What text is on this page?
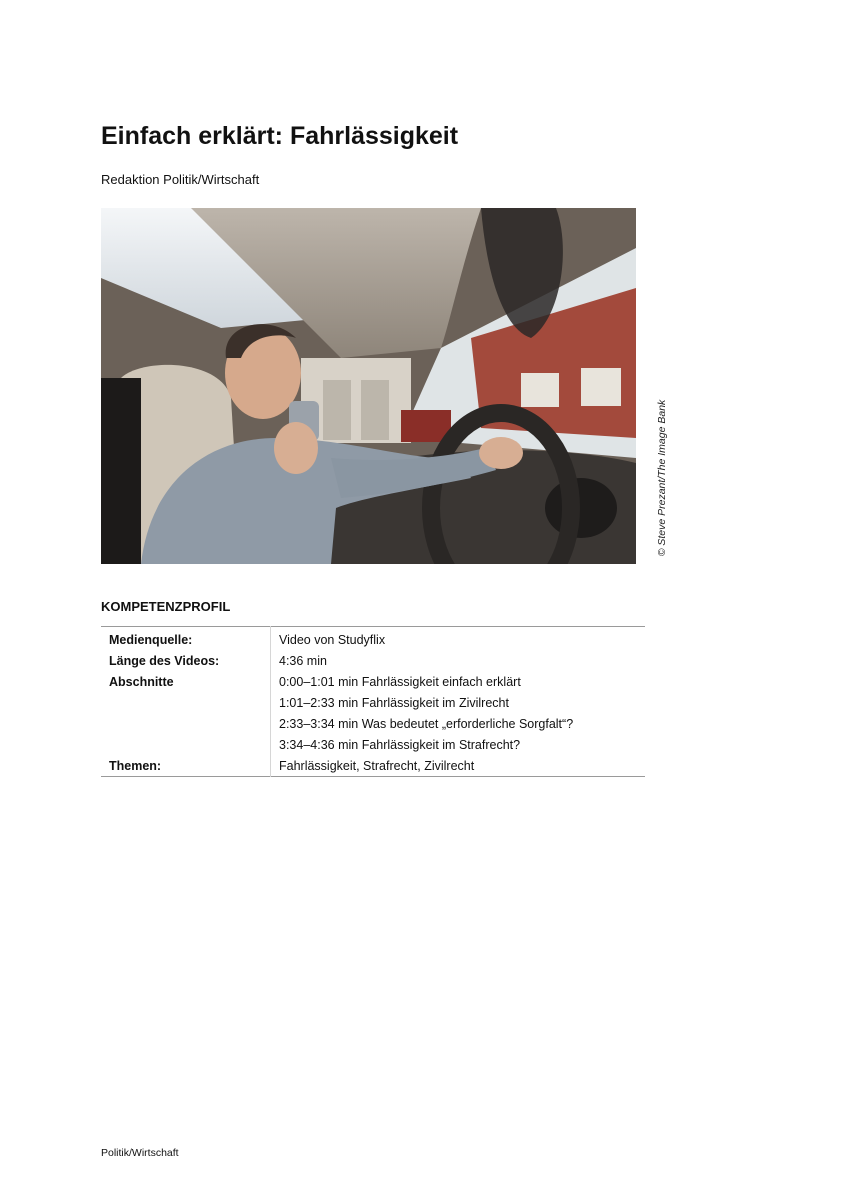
Einfach erklärt: Fahrlässigkeit
Redaktion Politik/Wirtschaft
© Steve Prezant/The Image Bank
KOMPETENZPROFIL
Medienquelle:	Video von Studyflix
Länge des Videos:	4:36 min
Abschnitte	0:00–1:01 min Fahrlässigkeit einfach erklärt
	1:01–2:33 min Fahrlässigkeit im Zivilrecht
	2:33–3:34 min Was bedeutet „erforderliche Sorgfalt“?
	3:34–4:36 min Fahrlässigkeit im Strafrecht?
Themen:	Fahrlässigkeit, Strafrecht, Zivilrecht
Politik/Wirtschaft
